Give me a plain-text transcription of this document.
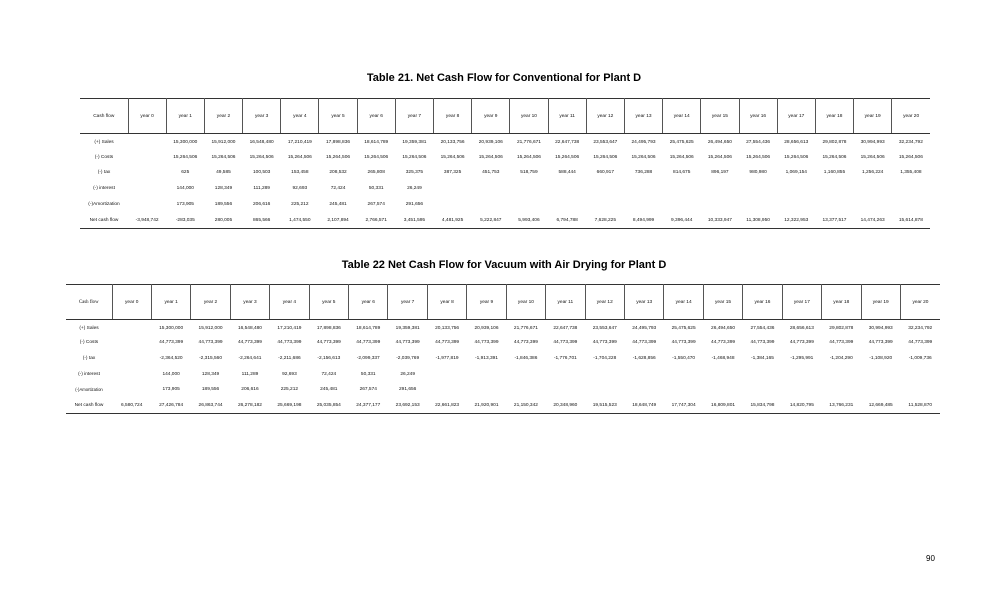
Table 21. Net Cash Flow for Conventional for Plant D
Cash flow	year 0	year 1	year 2	year 3	year 4	year 5	year 6	year 7	year 8	year 9	year 10	year 11	year 12	year 13	year 14	year 15	year 16	year 17	year 18	year 19	year 20
(+) Sales		15,300,000	15,912,000	16,548,480	17,210,419	17,898,836	18,614,789	19,359,381	20,133,756	20,939,106	21,776,671	22,647,738	23,553,647	24,495,793	25,475,625	26,494,650	27,554,436	28,656,613	29,802,878	30,994,993	32,234,792
(-) Costs		15,264,506	15,264,506	15,264,506	15,264,506	15,264,506	15,264,506	15,264,506	15,264,506	15,264,506	15,264,506	15,264,506	15,264,506	15,264,506	15,264,506	15,264,506	15,264,506	15,264,506	15,264,506	15,264,506	15,264,506
(-) tax		625	49,585	100,503	153,458	208,532	265,808	325,375	387,325	451,753	518,759	588,444	660,917	736,288	814,675	896,197	980,980	1,069,154	1,160,855	1,256,224	1,355,408
(-) interest		144,000	128,349	111,289	92,693	72,424	50,331	26,249													
(-)Amortization		173,905	189,556	206,616	225,212	245,481	267,574	291,656													
Net cash flow	-3,948,742	-283,035	280,005	865,566	1,474,550	2,107,894	2,766,571	3,451,595	4,481,925	5,222,847	5,993,406	6,794,788	7,628,225	8,494,999	9,396,444	10,333,947	11,308,950	12,322,953	13,377,517	14,474,263	15,614,878
Table 22 Net Cash Flow for Vacuum with Air Drying for Plant D
Cash flow	year 0	year 1	year 2	year 3	year 4	year 5	year 6	year 7	year 8	year 9	year 10	year 11	year 12	year 13	year 14	year 15	year 16	year 17	year 18	year 19	year 20
(+) Sales		15,300,000	15,912,000	16,548,480	17,210,419	17,898,836	18,614,789	19,359,381	20,133,756	20,939,106	21,776,671	22,647,738	23,553,647	24,495,793	25,475,625	26,494,650	27,554,436	28,656,613	29,802,878	30,994,993	32,234,792
(-) Costs		44,773,399	44,773,399	44,773,399	44,773,399	44,773,399	44,773,399	44,773,399	44,773,399	44,773,399	44,773,399	44,773,399	44,773,399	44,773,399	44,773,399	44,773,399	44,773,399	44,773,399	44,773,399	44,773,399	44,773,399
(-) tax		-2,364,520	-2,315,560	-2,264,641	-2,211,686	-2,156,613	-2,099,337	-2,039,769	-1,977,819	-1,913,391	-1,846,386	-1,776,701	-1,704,228	-1,628,856	-1,550,470	-1,468,948	-1,384,165	-1,295,991	-1,204,290	-1,108,920	-1,009,736
(-) interest		144,000	128,349	111,289	92,693	72,424	50,331	26,249													
(-)Amortization		173,905	189,556	206,616	225,212	245,481	267,574	291,656													
Net cash flow	6,580,724	27,426,784	26,863,744	26,278,182	25,669,198	25,035,854	24,377,177	23,692,153	22,661,823	21,920,901	21,150,342	20,348,960	19,515,523	18,648,749	17,747,304	16,809,801	15,834,798	14,820,795	13,766,231	12,669,485	11,528,870
90
